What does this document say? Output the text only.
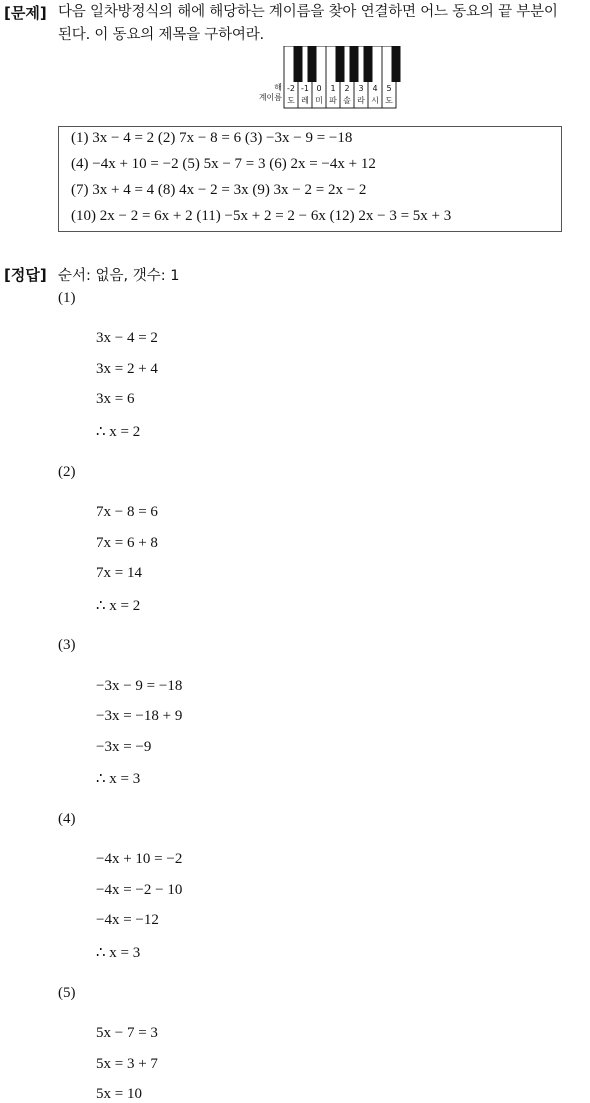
[문제] 다음 일차방정식의 해에 해당하는 계이름을 찾아 연결하면 어느 동요의 끝 부분이
된다. 이 동요의 제목을 구하여라.
해
계이름
-2
도
-1
레
0
미
1
파
2
솔
3
라
4
시
5
도
(1) 3x − 4 = 2 (2) 7x − 8 = 6 (3) −3x − 9 = −18
(4) −4x + 10 = −2 (5) 5x − 7 = 3 (6) 2x = −4x + 12
(7) 3x + 4 = 4 (8) 4x − 2 = 3x (9) 3x − 2 = 2x − 2
(10) 2x − 2 = 6x + 2 (11) −5x + 2 = 2 − 6x (12) 2x − 3 = 5x + 3
[정답] 순서: 없음, 갯수: 1
(1)
3x − 4 = 2
3x = 2 + 4
3x = 6
∴ x = 2
(2)
7x − 8 = 6
7x = 6 + 8
7x = 14
∴ x = 2
(3)
−3x − 9 = −18
−3x = −18 + 9
−3x = −9
∴ x = 3
(4)
−4x + 10 = −2
−4x = −2 − 10
−4x = −12
∴ x = 3
(5)
5x − 7 = 3
5x = 3 + 7
5x = 10
